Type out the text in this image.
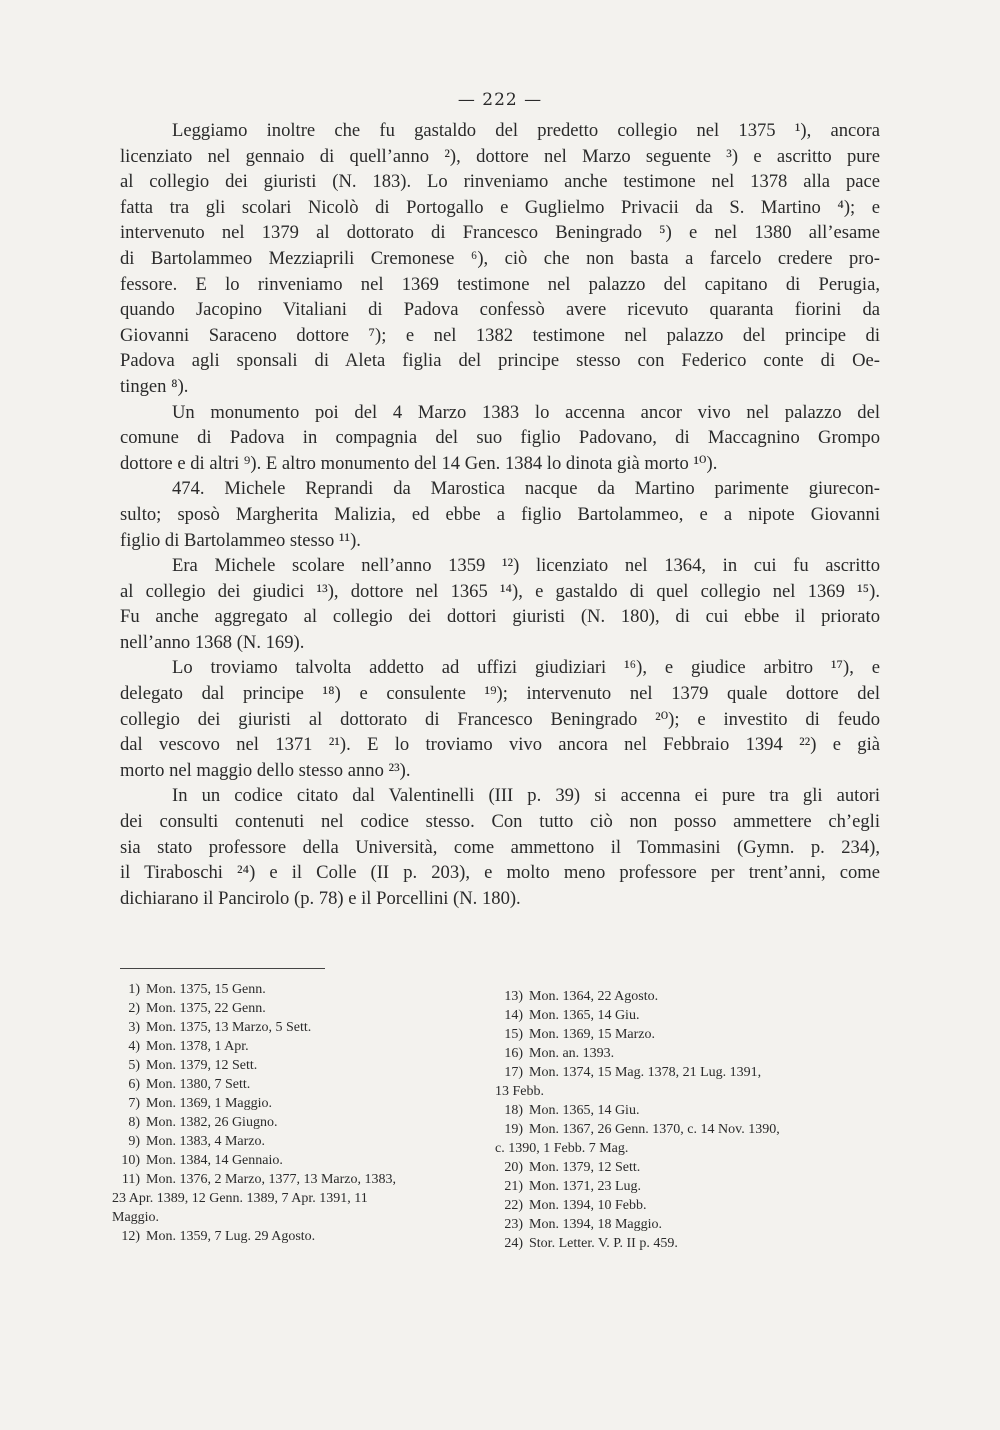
— 222 —

Leggiamo inoltre che fu gastaldo del predetto collegio nel 1375 ¹), ancora
licenziato nel gennaio di quell’anno ²), dottore nel Marzo seguente ³) e ascritto pure
al collegio dei giuristi (N. 183). Lo rinveniamo anche testimone nel 1378 alla pace
fatta tra gli scolari Nicolò di Portogallo e Guglielmo Privacii da S. Martino ⁴); e
intervenuto nel 1379 al dottorato di Francesco Beningrado ⁵) e nel 1380 all’esame
di Bartolammeo Mezziaprili Cremonese ⁶), ciò che non basta a farcelo credere pro-
fessore. E lo rinveniamo nel 1369 testimone nel palazzo del capitano di Perugia,
quando Jacopino Vitaliani di Padova confessò avere ricevuto quaranta fiorini da
Giovanni Saraceno dottore ⁷); e nel 1382 testimone nel palazzo del principe di
Padova agli sponsali di Aleta figlia del principe stesso con Federico conte di Oe-
tingen ⁸).

Un monumento poi del 4 Marzo 1383 lo accenna ancor vivo nel palazzo del
comune di Padova in compagnia del suo figlio Padovano, di Maccagnino Grompo
dottore e di altri ⁹). E altro monumento del 14 Gen. 1384 lo dinota già morto ¹⁰).

474. Michele Reprandi da Marostica nacque da Martino parimente giurecon-
sulto; sposò Margherita Malizia, ed ebbe a figlio Bartolammeo, e a nipote Giovanni
figlio di Bartolammeo stesso ¹¹).

Era Michele scolare nell’anno 1359 ¹²) licenziato nel 1364, in cui fu ascritto
al collegio dei giudici ¹³), dottore nel 1365 ¹⁴), e gastaldo di quel collegio nel 1369 ¹⁵).
Fu anche aggregato al collegio dei dottori giuristi (N. 180), di cui ebbe il priorato
nell’anno 1368 (N. 169).

Lo troviamo talvolta addetto ad uffizi giudiziari ¹⁶), e giudice arbitro ¹⁷), e
delegato dal principe ¹⁸) e consulente ¹⁹); intervenuto nel 1379 quale dottore del
collegio dei giuristi al dottorato di Francesco Beningrado ²⁰); e investito di feudo
dal vescovo nel 1371 ²¹). E lo troviamo vivo ancora nel Febbraio 1394 ²²) e già
morto nel maggio dello stesso anno ²³).

In un codice citato dal Valentinelli (III p. 39) si accenna ei pure tra gli autori
dei consulti contenuti nel codice stesso. Con tutto ciò non posso ammettere ch’egli
sia stato professore della Università, come ammettono il Tommasini (Gymn. p. 234),
il Tiraboschi ²⁴) e il Colle (II p. 203), e molto meno professore per trent’anni, come
dichiarano il Pancirolo (p. 78) e il Porcellini (N. 180).

1) Mon. 1375, 15 Genn.
2) Mon. 1375, 22 Genn.
3) Mon. 1375, 13 Marzo, 5 Sett.
4) Mon. 1378, 1 Apr.
5) Mon. 1379, 12 Sett.
6) Mon. 1380, 7 Sett.
7) Mon. 1369, 1 Maggio.
8) Mon. 1382, 26 Giugno.
9) Mon. 1383, 4 Marzo.
10) Mon. 1384, 14 Gennaio.
11) Mon. 1376, 2 Marzo, 1377, 13 Marzo, 1383,
23 Apr. 1389, 12 Genn. 1389, 7 Apr. 1391, 11
Maggio.
12) Mon. 1359, 7 Lug. 29 Agosto.
13) Mon. 1364, 22 Agosto.
14) Mon. 1365, 14 Giu.
15) Mon. 1369, 15 Marzo.
16) Mon. an. 1393.
17) Mon. 1374, 15 Mag. 1378, 21 Lug. 1391,
13 Febb.
18) Mon. 1365, 14 Giu.
19) Mon. 1367, 26 Genn. 1370, c. 14 Nov. 1390,
c. 1390, 1 Febb. 7 Mag.
20) Mon. 1379, 12 Sett.
21) Mon. 1371, 23 Lug.
22) Mon. 1394, 10 Febb.
23) Mon. 1394, 18 Maggio.
24) Stor. Letter. V. P. II p. 459.
